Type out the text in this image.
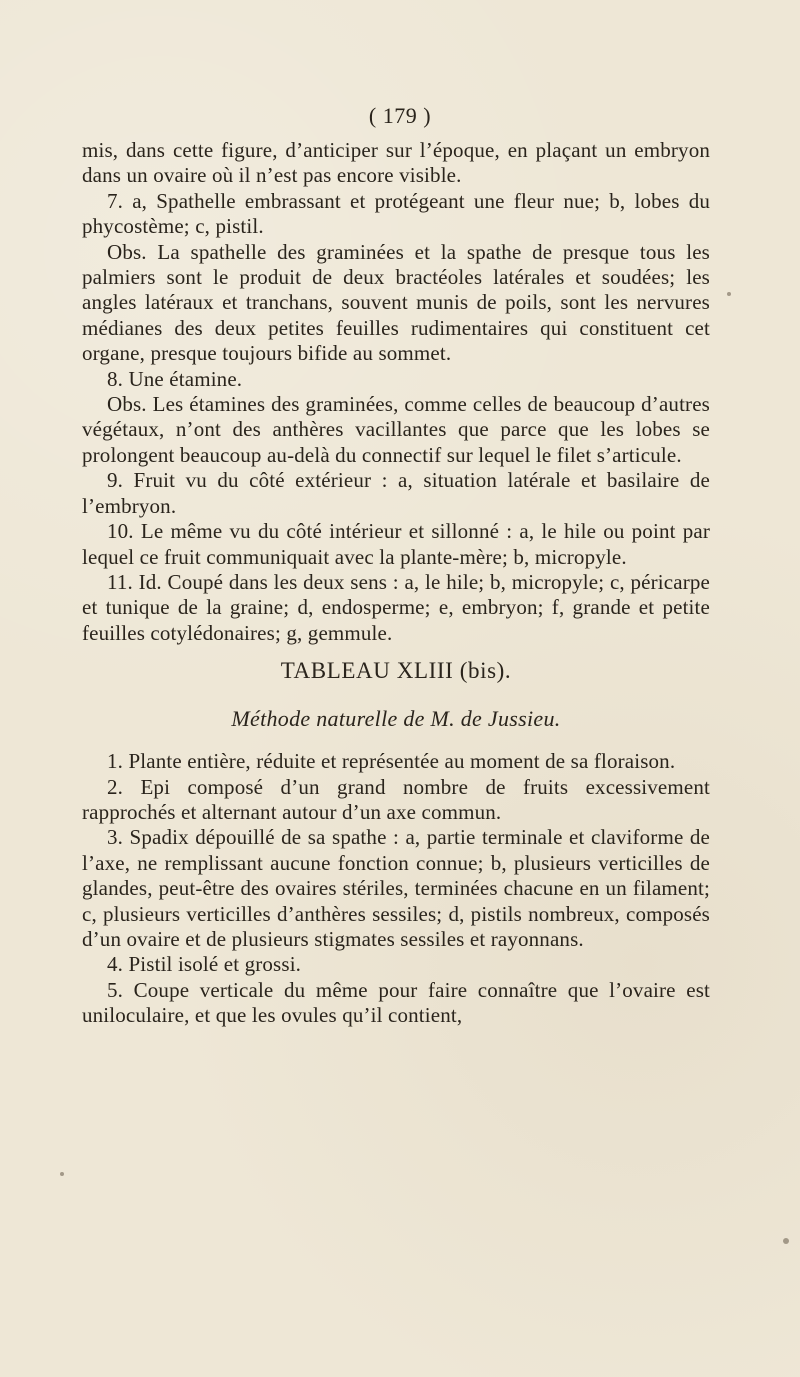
( 179 )

mis, dans cette figure, d’anticiper sur l’époque, en plaçant un embryon dans un ovaire où il n’est pas encore visible.

7. a, Spathelle embrassant et protégeant une fleur nue; b, lobes du phycostème; c, pistil.

Obs. La spathelle des graminées et la spathe de presque tous les palmiers sont le produit de deux bractéoles latérales et soudées; les angles latéraux et tranchans, souvent munis de poils, sont les nervures médianes des deux petites feuilles rudimentaires qui constituent cet organe, presque toujours bifide au sommet.

8. Une étamine.

Obs. Les étamines des graminées, comme celles de beaucoup d’autres végétaux, n’ont des anthères vacillantes que parce que les lobes se prolongent beaucoup au-delà du connectif sur lequel le filet s’articule.

9. Fruit vu du côté extérieur : a, situation latérale et basilaire de l’embryon.

10. Le même vu du côté intérieur et sillonné : a, le hile ou point par lequel ce fruit communiquait avec la plante-mère; b, micropyle.

11. Id. Coupé dans les deux sens : a, le hile; b, micropyle; c, péricarpe et tunique de la graine; d, endosperme; e, embryon; f, grande et petite feuilles cotylédonaires; g, gemmule.

TABLEAU XLIII (bis).

Méthode naturelle de M. de Jussieu.

1. Plante entière, réduite et représentée au moment de sa floraison.

2. Epi composé d’un grand nombre de fruits excessivement rapprochés et alternant autour d’un axe commun.

3. Spadix dépouillé de sa spathe : a, partie terminale et claviforme de l’axe, ne remplissant aucune fonction connue; b, plusieurs verticilles de glandes, peut-être des ovaires stériles, terminées chacune en un filament; c, plusieurs verticilles d’anthères sessiles; d, pistils nombreux, composés d’un ovaire et de plusieurs stigmates sessiles et rayonnans.

4. Pistil isolé et grossi.

5. Coupe verticale du même pour faire connaître que l’ovaire est uniloculaire, et que les ovules qu’il contient,
